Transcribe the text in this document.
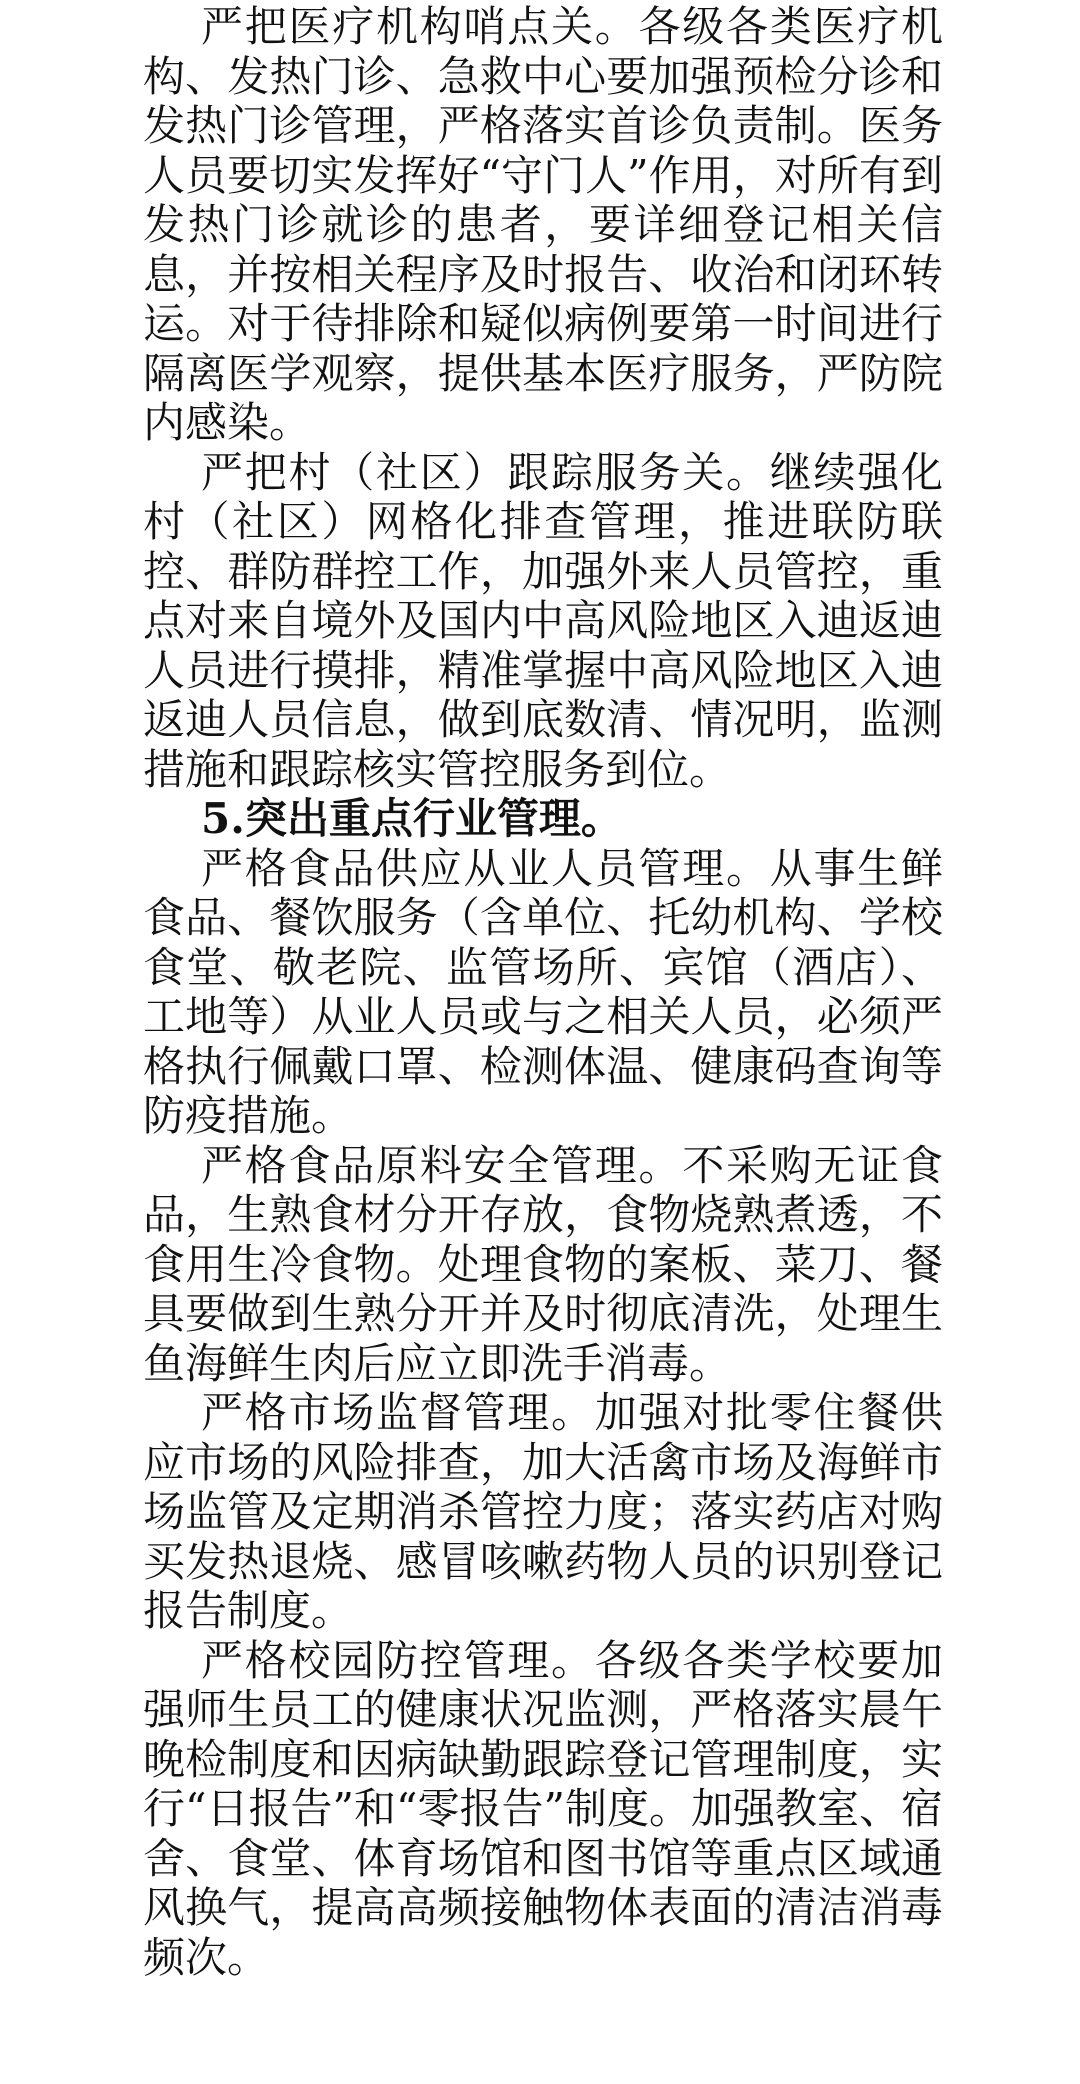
严把医疗机构哨点关。各级各类医疗机构、发热门诊、急救中心要加强预检分诊和发热门诊管理，严格落实首诊负责制。医务人员要切实发挥好“守门人”作用，对所有到发热门诊就诊的患者，要详细登记相关信息，并按相关程序及时报告、收治和闭环转运。对于待排除和疑似病例要第一时间进行隔离医学观察，提供基本医疗服务，严防院内感染。

严把村（社区）跟踪服务关。继续强化村（社区）网格化排查管理，推进联防联控、群防群控工作，加强外来人员管控，重点对来自境外及国内中高风险地区入迪返迪人员进行摸排，精准掌握中高风险地区入迪返迪人员信息，做到底数清、情况明，监测措施和跟踪核实管控服务到位。

5.突出重点行业管理。

严格食品供应从业人员管理。从事生鲜食品、餐饮服务（含单位、托幼机构、学校食堂、敬老院、监管场所、宾馆（酒店）、工地等）从业人员或与之相关人员，必须严格执行佩戴口罩、检测体温、健康码查询等防疫措施。

严格食品原料安全管理。不采购无证食品，生熟食材分开存放，食物烧熟煮透，不食用生冷食物。处理食物的案板、菜刀、餐具要做到生熟分开并及时彻底清洗，处理生鱼海鲜生肉后应立即洗手消毒。

严格市场监督管理。加强对批零住餐供应市场的风险排查，加大活禽市场及海鲜市场监管及定期消杀管控力度；落实药店对购买发热退烧、感冒咳嗽药物人员的识别登记报告制度。

严格校园防控管理。各级各类学校要加强师生员工的健康状况监测，严格落实晨午晚检制度和因病缺勤跟踪登记管理制度，实行“日报告”和“零报告”制度。加强教室、宿舍、食堂、体育场馆和图书馆等重点区域通风换气，提高高频接触物体表面的清洁消毒频次。
